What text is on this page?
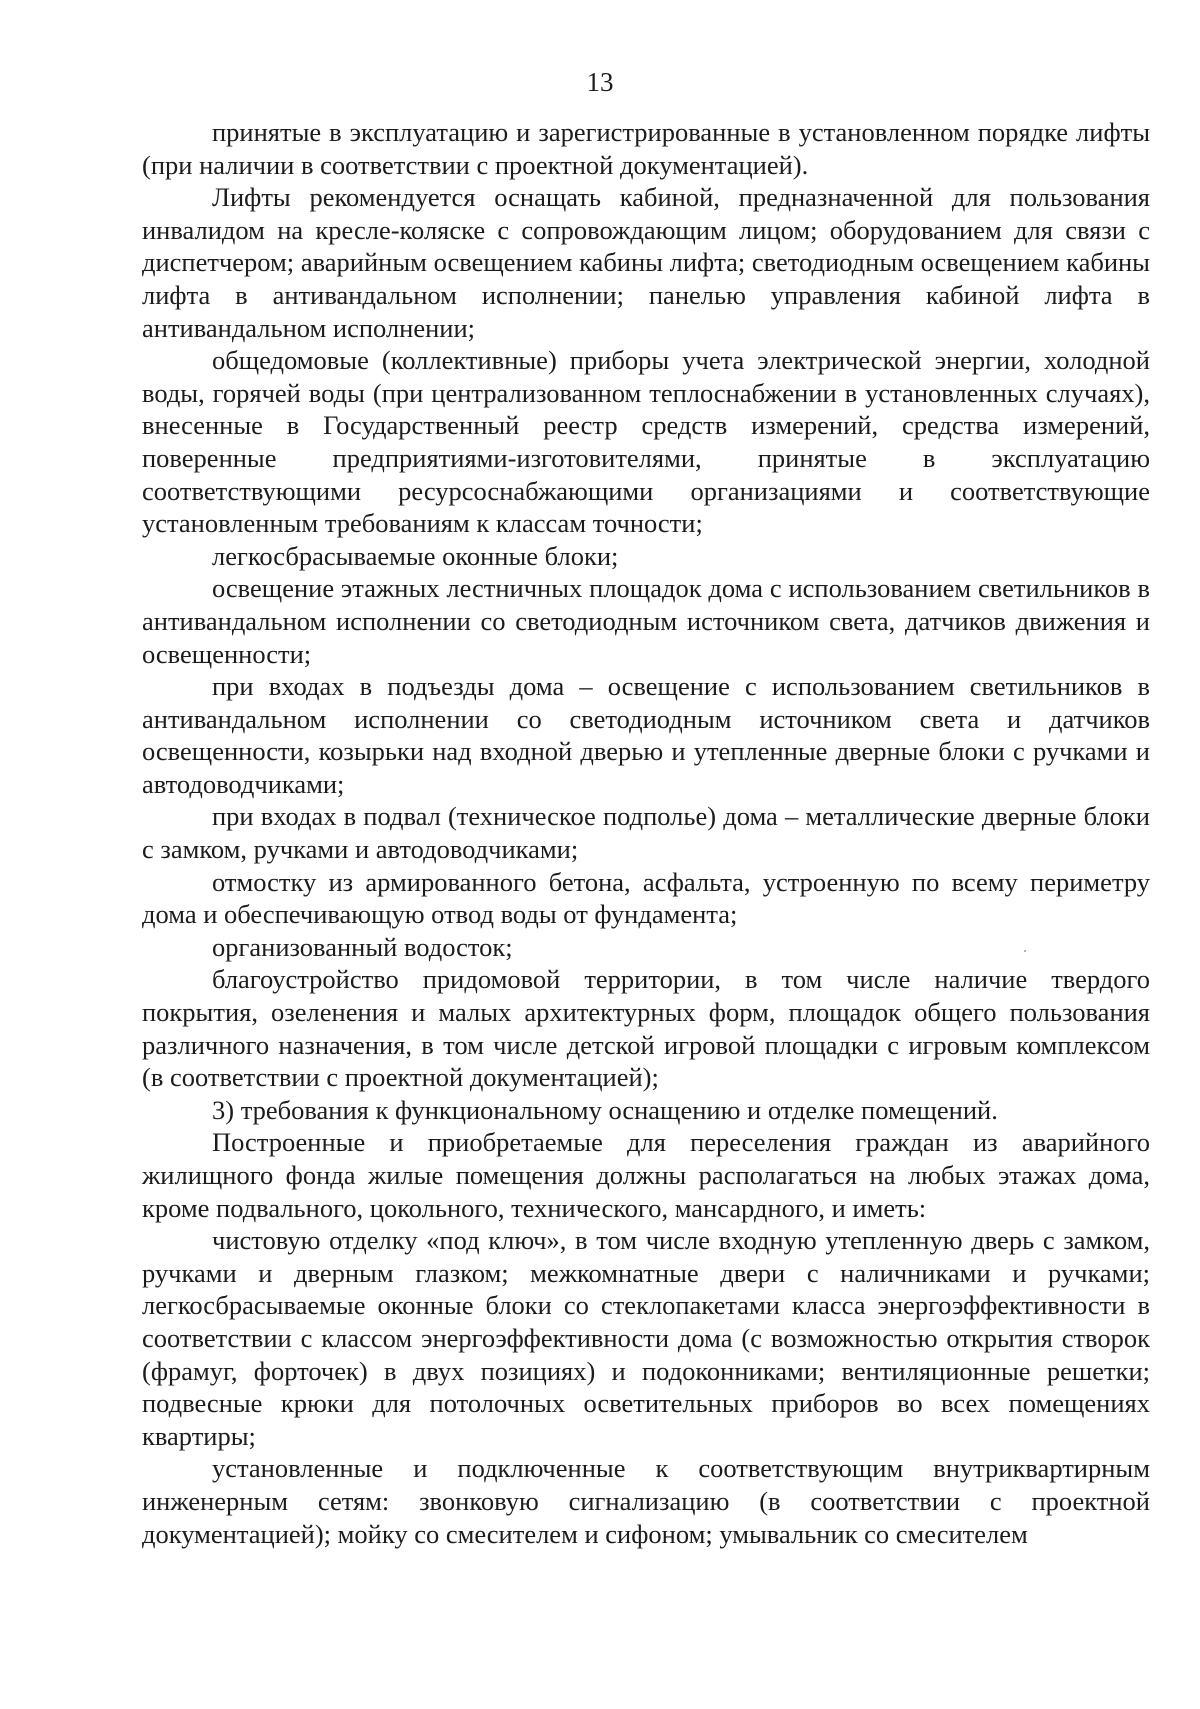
13

принятые в эксплуатацию и зарегистрированные в установленном порядке лифты (при наличии в соответствии с проектной документацией).

Лифты рекомендуется оснащать кабиной, предназначенной для пользования инвалидом на кресле-коляске с сопровождающим лицом; оборудованием для связи с диспетчером; аварийным освещением кабины лифта; светодиодным освещением кабины лифта в антивандальном исполнении; панелью управления кабиной лифта в антивандальном исполнении;

общедомовые (коллективные) приборы учета электрической энергии, холодной воды, горячей воды (при централизованном теплоснабжении в установленных случаях), внесенные в Государственный реестр средств измерений, средства измерений, поверенные предприятиями-изготовителями, принятые в эксплуатацию соответствующими ресурсоснабжающими организациями и соответствующие установленным требованиям к классам точности;

легкосбрасываемые оконные блоки;

освещение этажных лестничных площадок дома с использованием светильников в антивандальном исполнении со светодиодным источником света, датчиков движения и освещенности;

при входах в подъезды дома – освещение с использованием светильников в антивандальном исполнении со светодиодным источником света и датчиков освещенности, козырьки над входной дверью и утепленные дверные блоки с ручками и автодоводчиками;

при входах в подвал (техническое подполье) дома – металлические дверные блоки с замком, ручками и автодоводчиками;

отмостку из армированного бетона, асфальта, устроенную по всему периметру дома и обеспечивающую отвод воды от фундамента;

организованный водосток;

благоустройство придомовой территории, в том числе наличие твердого покрытия, озеленения и малых архитектурных форм, площадок общего пользования различного назначения, в том числе детской игровой площадки с игровым комплексом (в соответствии с проектной документацией);

3) требования к функциональному оснащению и отделке помещений.

Построенные и приобретаемые для переселения граждан из аварийного жилищного фонда жилые помещения должны располагаться на любых этажах дома, кроме подвального, цокольного, технического, мансардного, и иметь:

чистовую отделку «под ключ», в том числе входную утепленную дверь с замком, ручками и дверным глазком; межкомнатные двери с наличниками и ручками; легкосбрасываемые оконные блоки со стеклопакетами класса энергоэффективности в соответствии с классом энергоэффективности дома (с возможностью открытия створок (фрамуг, форточек) в двух позициях) и подоконниками; вентиляционные решетки; подвесные крюки для потолочных осветительных приборов во всех помещениях квартиры;

установленные и подключенные к соответствующим внутриквартирным инженерным сетям: звонковую сигнализацию (в соответствии с проектной документацией); мойку со смесителем и сифоном; умывальник со смесителем
